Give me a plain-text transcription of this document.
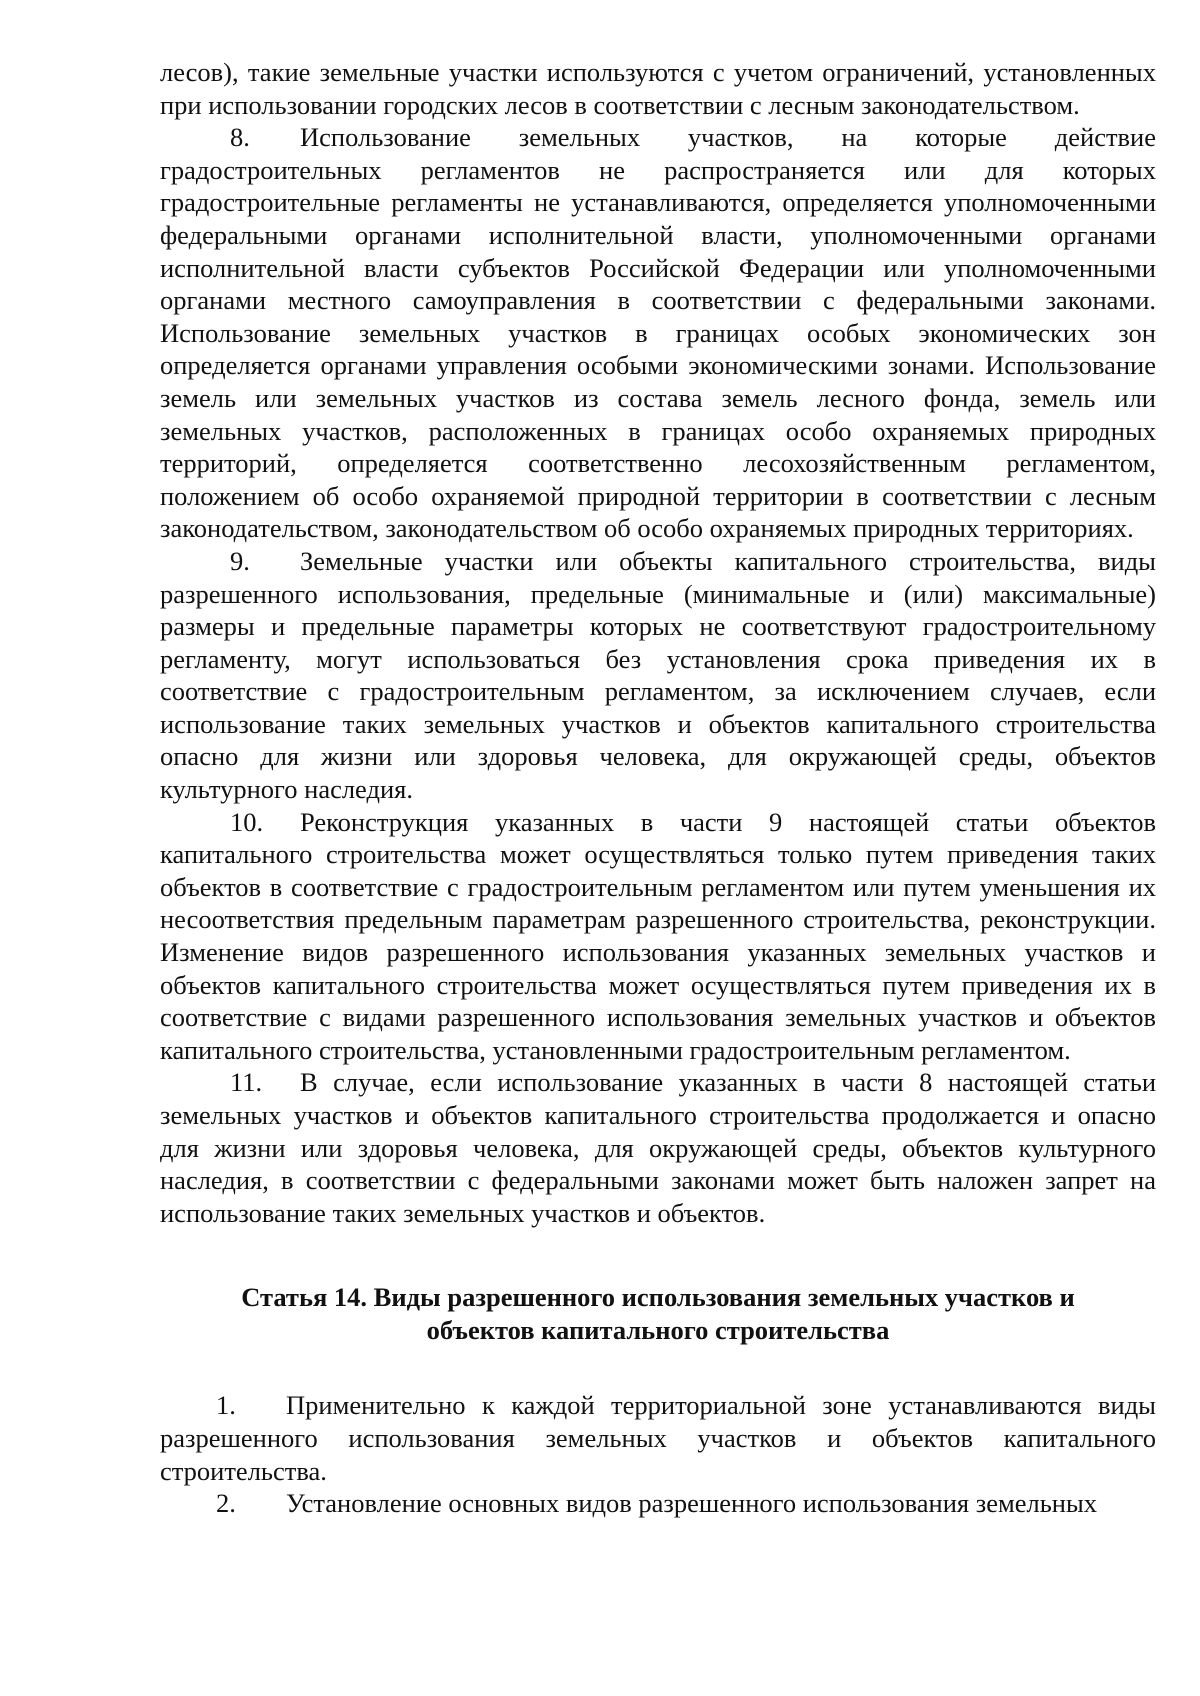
лесов), такие земельные участки используются с учетом ограничений, установленных при использовании городских лесов в соответствии с лесным законодательством.

8. Использование земельных участков, на которые действие градостроительных регламентов не распространяется или для которых градостроительные регламенты не устанавливаются, определяется уполномоченными федеральными органами исполнительной власти, уполномоченными органами исполнительной власти субъектов Российской Федерации или уполномоченными органами местного самоуправления в соответствии с федеральными законами. Использование земельных участков в границах особых экономических зон определяется органами управления особыми экономическими зонами. Использование земель или земельных участков из состава земель лесного фонда, земель или земельных участков, расположенных в границах особо охраняемых природных территорий, определяется соответственно лесохозяйственным регламентом, положением об особо охраняемой природной территории в соответствии с лесным законодательством, законодательством об особо охраняемых природных территориях.

9. Земельные участки или объекты капитального строительства, виды разрешенного использования, предельные (минимальные и (или) максимальные) размеры и предельные параметры которых не соответствуют градостроительному регламенту, могут использоваться без установления срока приведения их в соответствие с градостроительным регламентом, за исключением случаев, если использование таких земельных участков и объектов капитального строительства опасно для жизни или здоровья человека, для окружающей среды, объектов культурного наследия.

10. Реконструкция указанных в части 9 настоящей статьи объектов капитального строительства может осуществляться только путем приведения таких объектов в соответствие с градостроительным регламентом или путем уменьшения их несоответствия предельным параметрам разрешенного строительства, реконструкции. Изменение видов разрешенного использования указанных земельных участков и объектов капитального строительства может осуществляться путем приведения их в соответствие с видами разрешенного использования земельных участков и объектов капитального строительства, установленными градостроительным регламентом.

11. В случае, если использование указанных в части 8 настоящей статьи земельных участков и объектов капитального строительства продолжается и опасно для жизни или здоровья человека, для окружающей среды, объектов культурного наследия, в соответствии с федеральными законами может быть наложен запрет на использование таких земельных участков и объектов.

Статья 14. Виды разрешенного использования земельных участков и
объектов капитального строительства

1. Применительно к каждой территориальной зоне устанавливаются виды разрешенного использования земельных участков и объектов капитального строительства.

2. Установление основных видов разрешенного использования земельных
